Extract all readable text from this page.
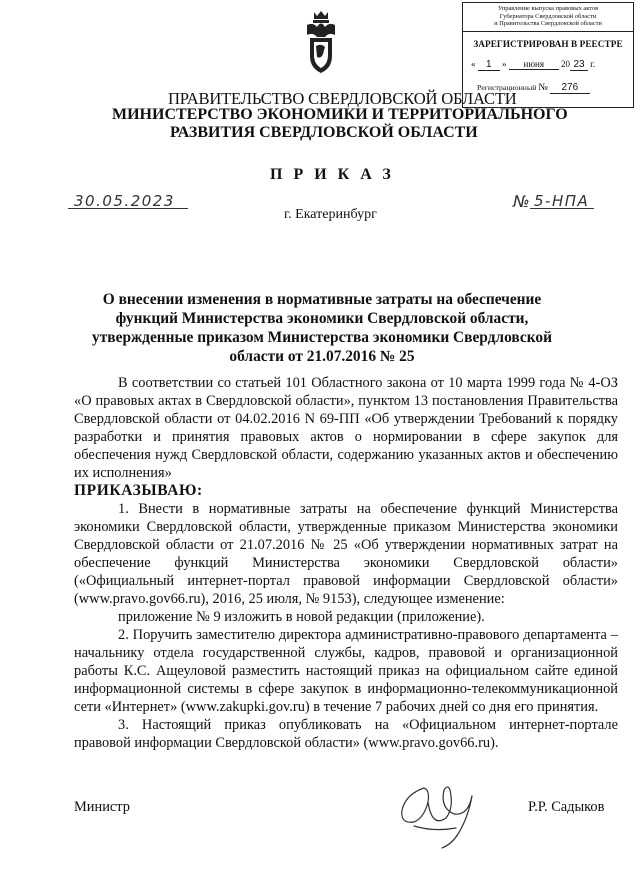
Управление выпуска правовых актов
Губернатора Свердловской области
и Правительства Свердловской области
ЗАРЕГИСТРИРОВАН В РЕЕСТРЕ
« 1 » июня 20 23 г.
Регистрационный № 276
ПРАВИТЕЛЬСТВО СВЕРДЛОВСКОЙ ОБЛАСТИ
МИНИСТЕРСТВО ЭКОНОМИКИ И ТЕРРИТОРИАЛЬНОГО
РАЗВИТИЯ СВЕРДЛОВСКОЙ ОБЛАСТИ
ПРИКАЗ
30.05.2023	№ 5-НПА
г. Екатеринбург
О внесении изменения в нормативные затраты на обеспечение функций Министерства экономики Свердловской области, утвержденные приказом Министерства экономики Свердловской области от 21.07.2016 № 25

В соответствии со статьей 101 Областного закона от 10 марта 1999 года № 4-ОЗ «О правовых актах в Свердловской области», пунктом 13 постановления Правительства Свердловской области от 04.02.2016 N 69-ПП «Об утверждении Требований к порядку разработки и принятия правовых актов о нормировании в сфере закупок для обеспечения нужд Свердловской области, содержанию указанных актов и обеспечению их исполнения»

ПРИКАЗЫВАЮ:

1. Внести в нормативные затраты на обеспечение функций Министерства экономики Свердловской области, утвержденные приказом Министерства экономики Свердловской области от 21.07.2016 № 25 «Об утверждении нормативных затрат на обеспечение функций Министерства экономики Свердловской области» («Официальный интернет-портал правовой информации Свердловской области» (www.pravo.gov66.ru), 2016, 25 июля, № 9153), следующее изменение:

приложение № 9 изложить в новой редакции (приложение).

2. Поручить заместителю директора административно-правового департамента – начальнику отдела государственной службы, кадров, правовой и организационной работы К.С. Ащеуловой разместить настоящий приказ на официальном сайте единой информационной системы в сфере закупок в информационно-телекоммуникационной сети «Интернет» (www.zakupki.gov.ru) в течение 7 рабочих дней со дня его принятия.

3. Настоящий приказ опубликовать на «Официальном интернет-портале правовой информации Свердловской области» (www.pravo.gov66.ru).

Министр	Р.Р. Садыков
